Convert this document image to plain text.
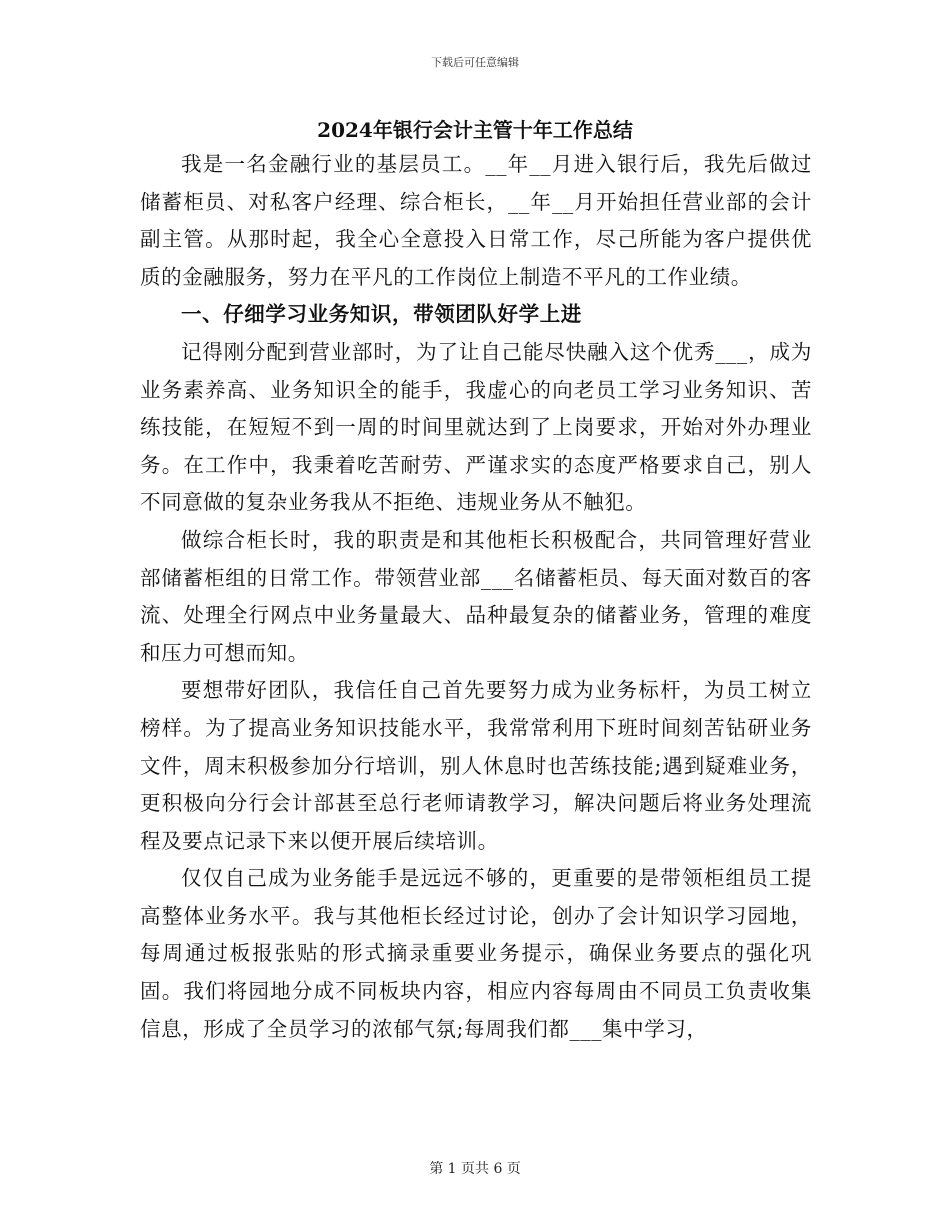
下载后可任意编辑
2024年银行会计主管十年工作总结

我是一名金融行业的基层员工。__年__月进入银行后，我先后做过储蓄柜员、对私客户经理、综合柜长，__年__月开始担任营业部的会计副主管。从那时起，我全心全意投入日常工作，尽己所能为客户提供优质的金融服务，努力在平凡的工作岗位上制造不平凡的工作业绩。

一、仔细学习业务知识，带领团队好学上进

记得刚分配到营业部时，为了让自己能尽快融入这个优秀___，成为业务素养高、业务知识全的能手，我虚心的向老员工学习业务知识、苦练技能，在短短不到一周的时间里就达到了上岗要求，开始对外办理业务。在工作中，我秉着吃苦耐劳、严谨求实的态度严格要求自己，别人不同意做的复杂业务我从不拒绝、违规业务从不触犯。

做综合柜长时，我的职责是和其他柜长积极配合，共同管理好营业部储蓄柜组的日常工作。带领营业部___名储蓄柜员、每天面对数百的客流、处理全行网点中业务量最大、品种最复杂的储蓄业务，管理的难度和压力可想而知。

要想带好团队，我信任自己首先要努力成为业务标杆，为员工树立榜样。为了提高业务知识技能水平，我常常利用下班时间刻苦钻研业务文件，周末积极参加分行培训，别人休息时也苦练技能;遇到疑难业务，更积极向分行会计部甚至总行老师请教学习，解决问题后将业务处理流程及要点记录下来以便开展后续培训。

仅仅自己成为业务能手是远远不够的，更重要的是带领柜组员工提高整体业务水平。我与其他柜长经过讨论，创办了会计知识学习园地，每周通过板报张贴的形式摘录重要业务提示，确保业务要点的强化巩固。我们将园地分成不同板块内容，相应内容每周由不同员工负责收集信息，形成了全员学习的浓郁气氛;每周我们都___集中学习，

第 1 页共 6 页
